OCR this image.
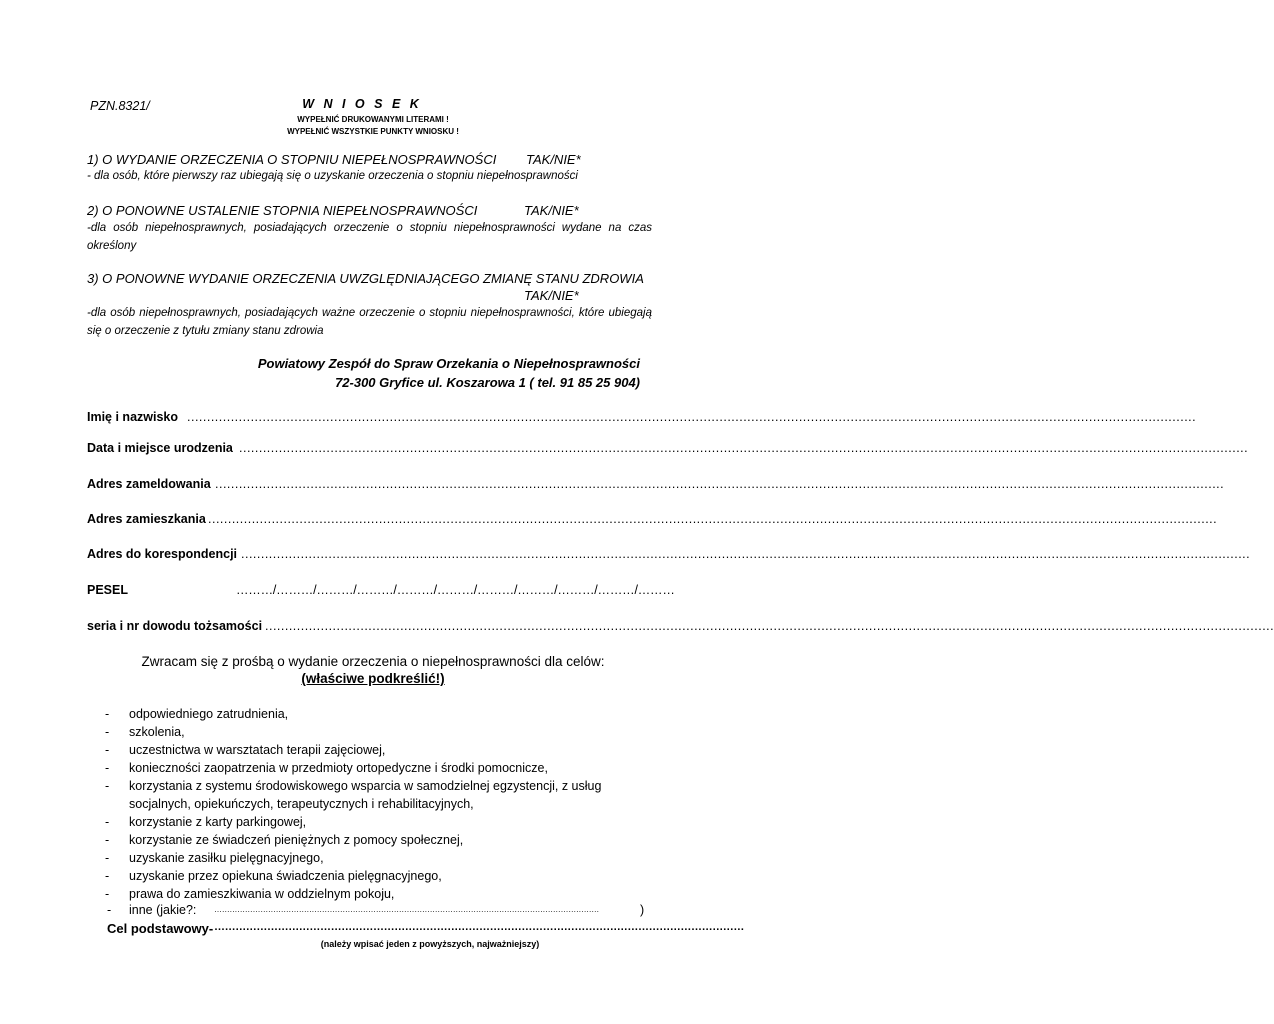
PZN.8321/	W N I O S E K
WYPEŁNIĆ DRUKOWANYMI LITERAMI !
WYPEŁNIĆ WSZYSTKIE PUNKTY WNIOSKU !
1) O WYDANIE ORZECZENIA O STOPNIU NIEPEŁNOSPRAWNOŚCI TAK/NIE*
- dla osób, które pierwszy raz ubiegają się o uzyskanie orzeczenia o stopniu niepełnosprawności
2) O PONOWNE USTALENIE STOPNIA NIEPEŁNOSPRAWNOŚCI	TAK/NIE*
-dla osób niepełnosprawnych, posiadających orzeczenie o stopniu niepełnosprawności wydane na czas określony
3) O PONOWNE WYDANIE ORZECZENIA UWZGLĘDNIAJĄCEGO ZMIANĘ STANU ZDROWIA
TAK/NIE*
-dla osób niepełnosprawnych, posiadających ważne orzeczenie o stopniu niepełnosprawności, które ubiegają się o orzeczenie z tytułu zmiany stanu zdrowia
Powiatowy Zespół do Spraw Orzekania o Niepełnosprawności
72-300 Gryfice ul. Koszarowa 1 ( tel. 91 85 25 904)
Imię i nazwisko ..............................................................................................................................................................................................................................................................
Data i miejsce urodzenia ..............................................................................................................................................................................................................................................................
Adres zameldowania ..............................................................................................................................................................................................................................................................
Adres zamieszkania ..............................................................................................................................................................................................................................................................
Adres do korespondencji ..............................................................................................................................................................................................................................................................
PESEL	………/………/………/………/………/………/………/………/………/………/………
seria i nr dowodu tożsamości ..............................................................................................................................................................................................................................................................
Zwracam się z prośbą o wydanie orzeczenia o niepełnosprawności dla celów:
(właściwe podkreślić!)
- odpowiedniego zatrudnienia,
- szkolenia,
- uczestnictwa w warsztatach terapii zajęciowej,
- konieczności zaopatrzenia w przedmioty ortopedyczne i środki pomocnicze,
- korzystania z systemu środowiskowego wsparcia w samodzielnej egzystencji, z usług
socjalnych, opiekuńczych, terapeutycznych i rehabilitacyjnych,
- korzystanie z karty parkingowej,
- korzystanie ze świadczeń pieniężnych z pomocy społecznej,
- uzyskanie zasiłku pielęgnacyjnego,
- uzyskanie przez opiekuna świadczenia pielęgnacyjnego,
- prawa do zamieszkiwania w oddzielnym pokoju,
- inne (jakie?: ……………………………………………………………………………………………………………………………………	)
Cel podstawowy- ……………………………………………………………………………………………………………………………………
(należy wpisać jeden z powyższych, najważniejszy)
